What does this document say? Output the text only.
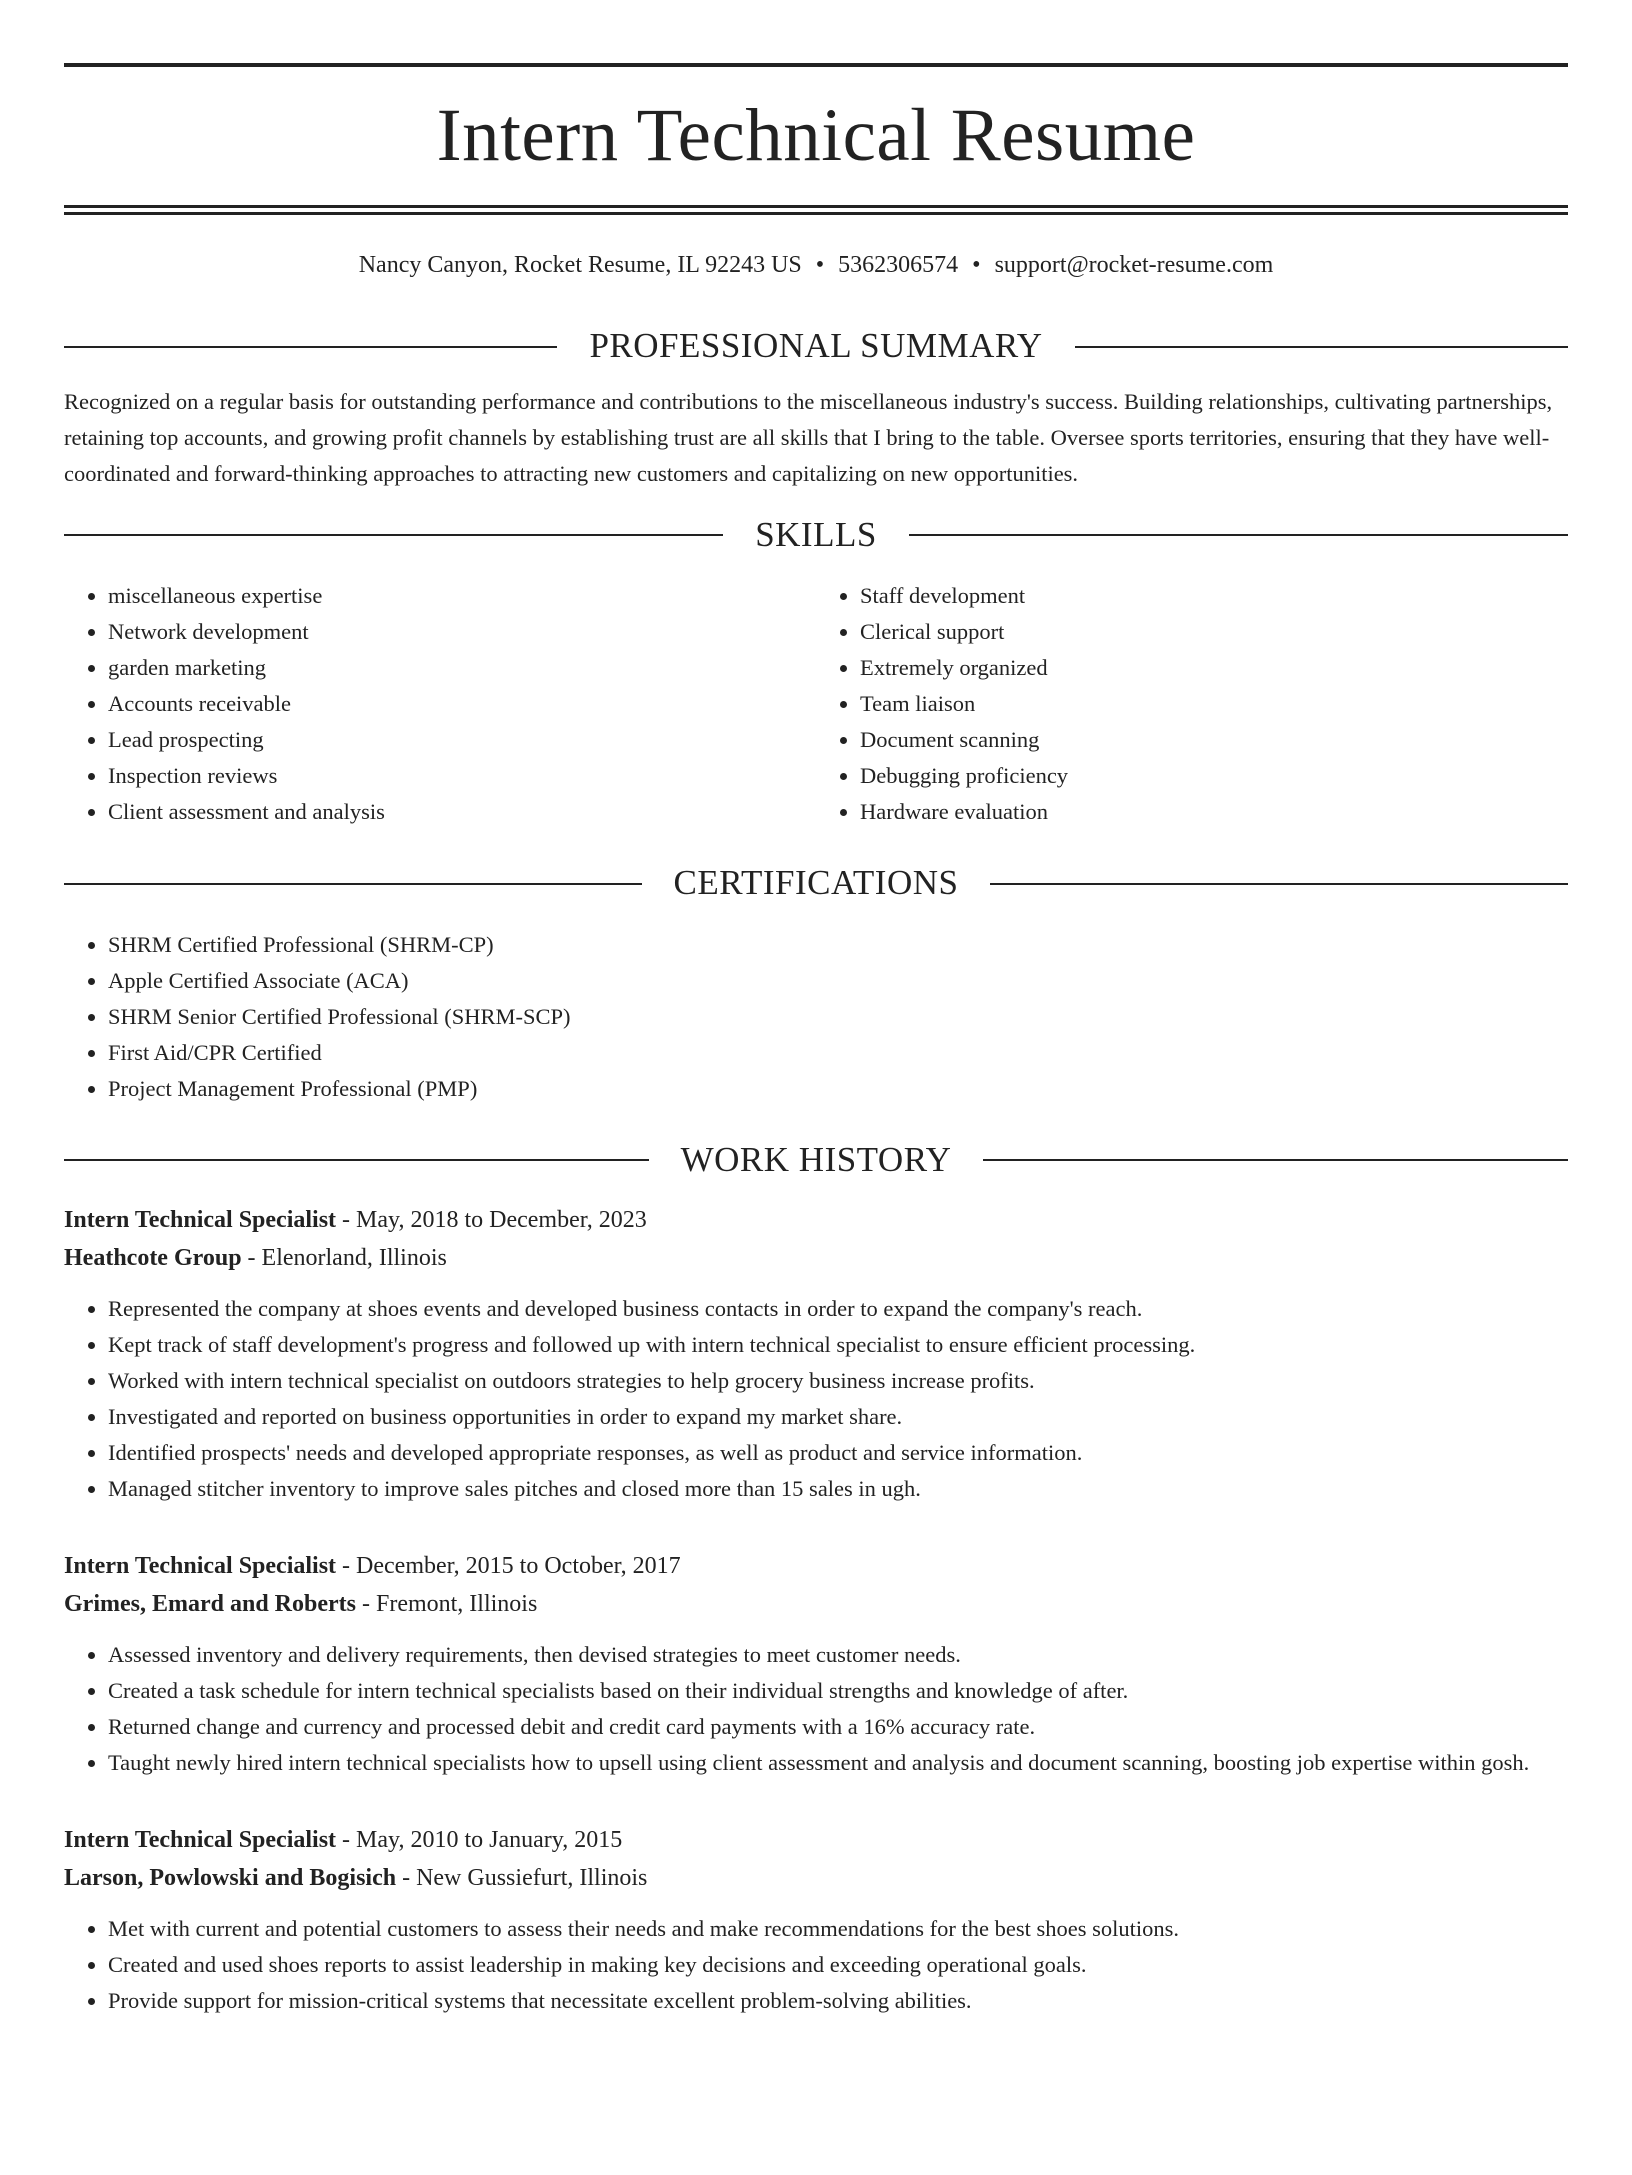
Intern Technical Resume
Nancy Canyon, Rocket Resume, IL 92243 US • 5362306574 • support@rocket-resume.com
PROFESSIONAL SUMMARY

Recognized on a regular basis for outstanding performance and contributions to the miscellaneous industry's success. Building relationships, cultivating partnerships, retaining top accounts, and growing profit channels by establishing trust are all skills that I bring to the table. Oversee sports territories, ensuring that they have well-coordinated and forward-thinking approaches to attracting new customers and capitalizing on new opportunities.

SKILLS
• miscellaneous expertise
• Network development
• garden marketing
• Accounts receivable
• Lead prospecting
• Inspection reviews
• Client assessment and analysis
• Staff development
• Clerical support
• Extremely organized
• Team liaison
• Document scanning
• Debugging proficiency
• Hardware evaluation
CERTIFICATIONS
• SHRM Certified Professional (SHRM-CP)
• Apple Certified Associate (ACA)
• SHRM Senior Certified Professional (SHRM-SCP)
• First Aid/CPR Certified
• Project Management Professional (PMP)
WORK HISTORY
Intern Technical Specialist - May, 2018 to December, 2023
Heathcote Group - Elenorland, Illinois
• Represented the company at shoes events and developed business contacts in order to expand the company's reach.
• Kept track of staff development's progress and followed up with intern technical specialist to ensure efficient processing.
• Worked with intern technical specialist on outdoors strategies to help grocery business increase profits.
• Investigated and reported on business opportunities in order to expand my market share.
• Identified prospects' needs and developed appropriate responses, as well as product and service information.
• Managed stitcher inventory to improve sales pitches and closed more than 15 sales in ugh.
Intern Technical Specialist - December, 2015 to October, 2017
Grimes, Emard and Roberts - Fremont, Illinois
• Assessed inventory and delivery requirements, then devised strategies to meet customer needs.
• Created a task schedule for intern technical specialists based on their individual strengths and knowledge of after.
• Returned change and currency and processed debit and credit card payments with a 16% accuracy rate.
• Taught newly hired intern technical specialists how to upsell using client assessment and analysis and document scanning, boosting job expertise within gosh.
Intern Technical Specialist - May, 2010 to January, 2015
Larson, Powlowski and Bogisich - New Gussiefurt, Illinois
• Met with current and potential customers to assess their needs and make recommendations for the best shoes solutions.
• Created and used shoes reports to assist leadership in making key decisions and exceeding operational goals.
• Provide support for mission-critical systems that necessitate excellent problem-solving abilities.
